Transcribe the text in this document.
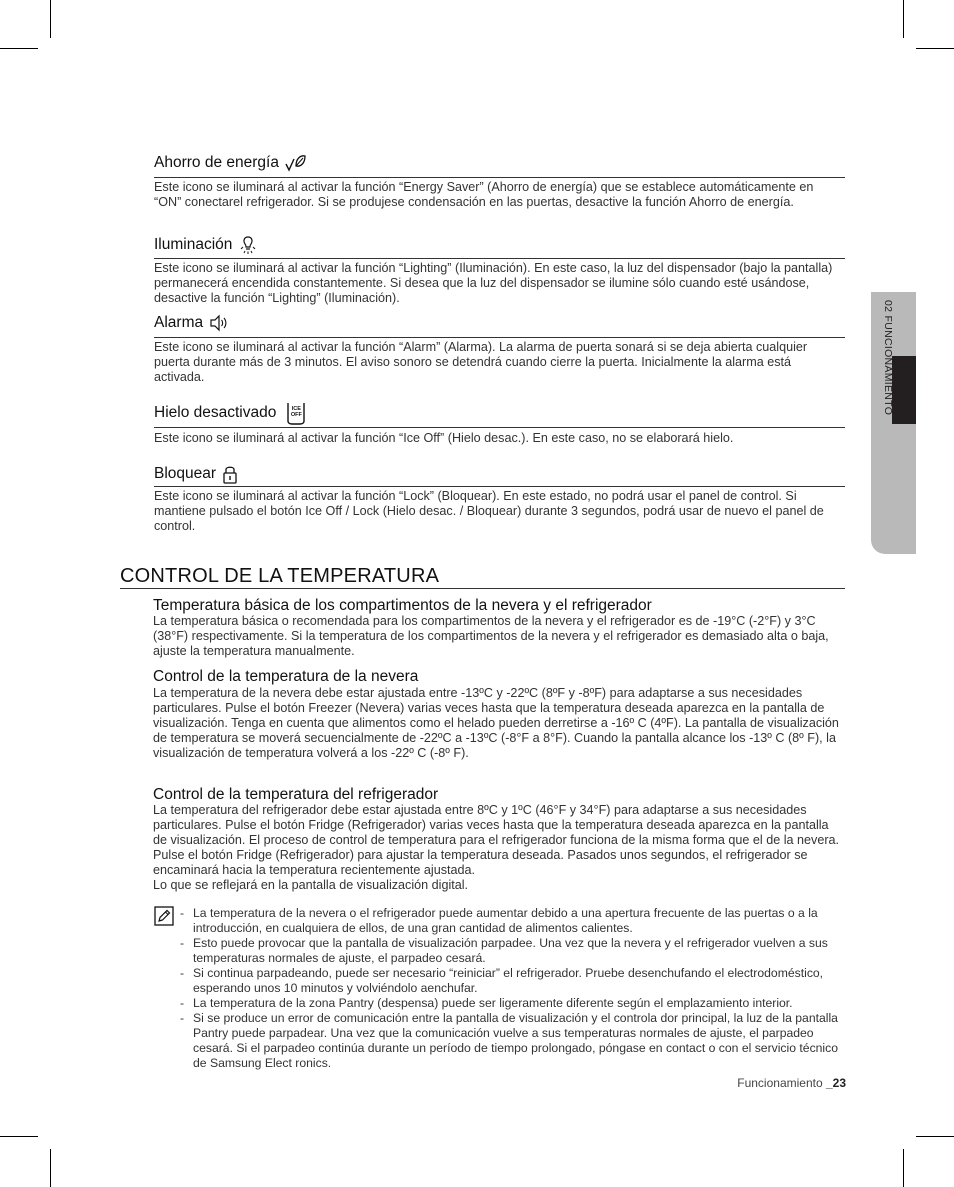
02 FUNCIONAMIENTO
Ahorro de energía
Este icono se iluminará al activar la función “Energy Saver” (Ahorro de energía) que se establece automáticamente en “ON” conectarel refrigerador. Si se produjese condensación en las puertas, desactive la función Ahorro de energía.
Iluminación
Este icono se iluminará al activar la función “Lighting” (Iluminación). En este caso, la luz del dispensador (bajo la pantalla) permanecerá encendida constantemente. Si desea que la luz del dispensador se ilumine sólo cuando esté usándose, desactive la función “Lighting” (Iluminación).
Alarma
Este icono se iluminará al activar la función “Alarm” (Alarma). La alarma de puerta sonará si se deja abierta cualquier puerta durante más de 3 minutos. El aviso sonoro se detendrá cuando cierre la puerta. Inicialmente la alarma está activada.
Hielo desactivado	ICE
OFF
Este icono se iluminará al activar la función “Ice Off” (Hielo desac.). En este caso, no se elaborará hielo.
Bloquear
Este icono se iluminará al activar la función “Lock” (Bloquear). En este estado, no podrá usar el panel de control. Si mantiene pulsado el botón Ice Off / Lock (Hielo desac. / Bloquear) durante 3 segundos, podrá usar de nuevo el panel de control.
CONTROL DE LA TEMPERATURA
Temperatura básica de los compartimentos de la nevera y el refrigerador
La temperatura básica o recomendada para los compartimentos de la nevera y el refrigerador es de -19°C (-2°F) y 3°C (38°F) respectivamente. Si la temperatura de los compartimentos de la nevera y el refrigerador es demasiado alta o baja, ajuste la temperatura manualmente.
Control de la temperatura de la nevera
La temperatura de la nevera debe estar ajustada entre -13ºC y -22ºC (8ºF y -8ºF) para adaptarse a sus necesidades particulares. Pulse el botón Freezer (Nevera) varias veces hasta que la temperatura deseada aparezca en la pantalla de visualización. Tenga en cuenta que alimentos como el helado pueden derretirse a -16º C (4ºF). La pantalla de visualización de temperatura se moverá secuencialmente de -22ºC a -13ºC (-8°F a 8°F). Cuando la pantalla alcance los -13º C (8º F), la visualización de temperatura volverá a los -22º C (-8º F).
Control de la temperatura del refrigerador
La temperatura del refrigerador debe estar ajustada entre 8ºC y 1ºC (46°F y 34°F) para adaptarse a sus necesidades particulares. Pulse el botón Fridge (Refrigerador) varias veces hasta que la temperatura deseada aparezca en la pantalla de visualización. El proceso de control de temperatura para el refrigerador funciona de la misma forma que el de la nevera. Pulse el botón Fridge (Refrigerador) para ajustar la temperatura deseada. Pasados unos segundos, el refrigerador se encaminará hacia la temperatura recientemente ajustada.
Lo que se reflejará en la pantalla de visualización digital.
- La temperatura de la nevera o el refrigerador puede aumentar debido a una apertura frecuente de las puertas o a la introducción, en cualquiera de ellos, de una gran cantidad de alimentos calientes.
- Esto puede provocar que la pantalla de visualización parpadee. Una vez que la nevera y el refrigerador vuelven a sus temperaturas normales de ajuste, el parpadeo cesará.
- Si continua parpadeando, puede ser necesario “reiniciar” el refrigerador. Pruebe desenchufando el electrodoméstico, esperando unos 10 minutos y volviéndolo aenchufar.
- La temperatura de la zona Pantry (despensa) puede ser ligeramente diferente según el emplazamiento interior.
- Si se produce un error de comunicación entre la pantalla de visualización y el controla dor principal, la luz de la pantalla Pantry puede parpadear. Una vez que la comunicación vuelve a sus temperaturas normales de ajuste, el parpadeo cesará. Si el parpadeo continúa durante un período de tiempo prolongado, póngase en contact o con el servicio técnico de Samsung Elect ronics.
Funcionamiento _23
